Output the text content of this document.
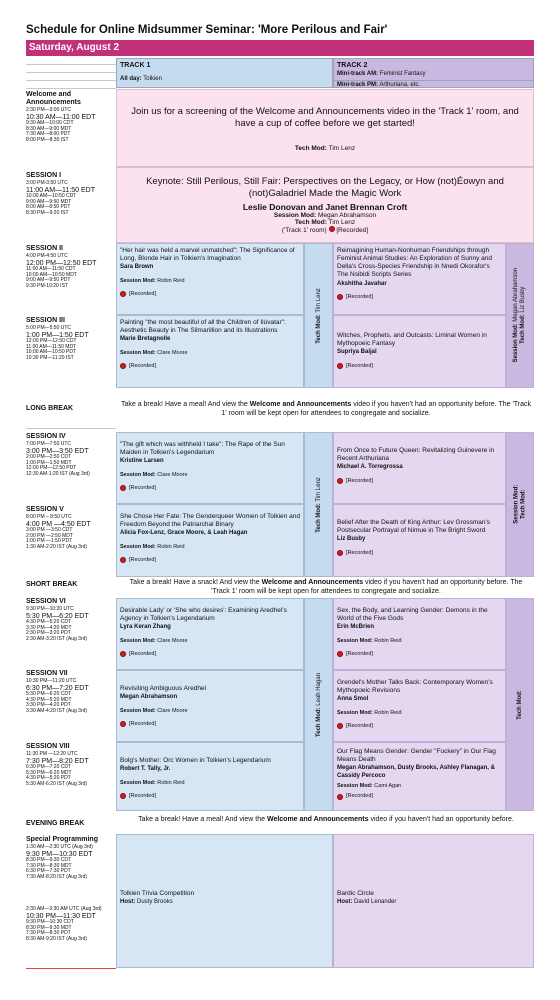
Schedule for Online Midsummer Seminar: 'More Perilous and Fair'
Saturday, August 2
TRACK 1
All day: Tolkien
TRACK 2
Mini-track AM: Feminist Fantasy
Mini-track PM: Arthuriana, etc.
Welcome and Announcements
2:30 PM—3:00 UTC
10:30 AM—11:00 EDT
9:30 AM—10:00 CDT
8:30 AM—9:00 MDT
7:30 AM—8:00 PDT
8:00 PM—8:30 IST
SESSION I
3:00 PM-3:50 UTC
11:00 AM—11:50 EDT
10:00 AM—10:50 CDT
9:00 AM—9:50 MDT
8:00 AM—8:50 PDT
8:30 PM—9:20 IST
SESSION II
4:00 PM-4:50 UTC
12:00 PM—12:50 EDT
11:00 AM—11:50 CDT
10:00 AM—10:50 MDT
9:00 AM—9:50 PDT
9:30 PM-10:20 IST
SESSION III
5:00 PM—5:50 UTC
1:00 PM—1:50 EDT
12:00 PM—12:50 CDT
11:00 AM—11:50 MDT
10:00 AM—10:50 PDT
10:30 PM—11:20 IST
LONG BREAK
SESSION IV
7:00 PM—7:50 UTC
3:00 PM—3:50 EDT
2:00 PM—2:50 CDT
1:00 PM—1:50 MDT
12:00 PM—12:50 PDT
12:30 AM-1:20 IST (Aug 3rd)
SESSION V
8:00 PM – 8:50 UTC
4:00 PM —4:50 EDT
3:00 PM —3:50 CDT
2:00 PM —2:50 MDT
1:00 PM —1:50 PDT
1:30 AM-2:20 IST (Aug 3rd)
SHORT BREAK
SESSION VI
9:30 PM—10:20 UTC
5:30 PM—6:20 EDT
4:30 PM—5:20 CDT
3:30 PM—4:20 MDT
2:30 PM—3:20 PDT
2:30 AM-3:20 IST (Aug 3rd)
SESSION VII
10:30 PM—11:20 UTC
6:30 PM—7:20 EDT
5:30 PM—6:20 CDT
4:30 PM—5:20 MDT
3:30 PM—4:20 PDT
3:30 AM-4:20 IST (Aug 3rd)
SESSION VIII
11:30 PM —12:20 UTC
7:30 PM—8:20 EDT
6:30 PM—7:20 CDT
5:30 PM—6:20 MDT
4:30 PM—5:20 PDT
5:30 AM-6:20 IST (Aug 3rd)
EVENING BREAK
Special Programming
1:30 AM—2:30 UTC (Aug 3rd)
9:30 PM—10:30 EDT
8:30 PM—9:30 CDT
7:30 PM—8:30 MDT
6:30 PM—7:30 PDT
7:30 AM-8:20 IST (Aug 3rd)
2:30 AM—3:30 AM UTC (Aug 3rd)
10:30 PM—11:30 EDT
9:30 PM—10:30 CDT
8:30 PM—9:30 MDT
7:30 PM—8:30 PDT
8:30 AM-9:20 IST (Aug 3rd)
Join us for a screening of the Welcome and Announcements video in the 'Track 1' room, and have a cup of coffee before we get started!
Tech Mod: Tim Lenz
Keynote: Still Perilous, Still Fair: Perspectives on the Legacy, or How (not)Éowyn and (not)Galadriel Made the Magic Work
Leslie Donovan and Janet Brennan Croft
Session Mod: Megan Abrahamson
Tech Mod: Tim Lenz
('Track 1' room) [Recorded]
"Her hair was held a marvel unmatched": The Significance of Long, Blonde Hair in Tolkien's Imagination
Sara Brown
Session Mod: Robin Reid
[Recorded]
Painting "the most beautiful of all the Children of Ilúvatar": Aesthetic Beauty in The Silmarillion and its Illustrations
Marie Bretagnolle
Session Mod: Clare Moore
[Recorded]
Tech Mod: Tim Lenz
Reimagining Human-Nonhuman Friendships through Feminist Animal Studies: An Exploration of Sunny and Della's Cross-Species Friendship in Nnedi Okorafor's The Nsibidi Scripts Series
Akshitha Javahar
[Recorded]
Witches, Prophets, and Outcasts: Liminal Women in Mythopoeic Fantasy
Supriya Baijal
[Recorded]
Session Mod: Megan Abrahamson
Tech Mod: Liz Busby
Take a break! Have a meal! And view the Welcome and Announcements video if you haven't had an opportunity before. The 'Track 1' room will be kept open for attendees to congregate and socialize.
"The gift which was withheld I take": The Rape of the Sun Maiden in Tolkien's Legendarium
Kristine Larsen
Session Mod: Clare Moore
[Recorded]
She Chose Her Fate: The Genderqueer Women of Tolkien and Freedom Beyond the Patriarchal Binary
Alicia Fox-Lenz, Grace Moore, & Leah Hagan
Session Mod: Robin Reid
[Recorded]
Tech Mod: Tim Lenz
From Once to Future Queen: Revitalizing Guinevere in Recent Arthuriana
Michael A. Torregrossa
[Recorded]
Belief After the Death of King Arthur: Lev Grossman's Postsecular Portrayal of Nimue in The Bright Sword
Liz Busby
[Recorded]
Session Mod:
Tech Mod:
Take a break! Have a snack! And view the Welcome and Announcements video if you haven't had an opportunity before. The 'Track 1' room will be kept open for attendees to congregate and socialize.
Desirable Lady' or 'She who desires': Examining Aredhel's Agency in Tolkien's Legendarium
Lyra Keran Zhang
Session Mod: Clare Moore
[Recorded]
Revisiting Ambiguous Aredhel
Megan Abrahamson
Session Mod: Clare Moore
[Recorded]
Bolg's Mother: Orc Women in Tolkien's Legendarium
Robert T. Tally, Jr.
Session Mod: Robin Reid
[Recorded]
Tech Mod: Leah Hagan
Sex, the Body, and Learning Gender: Demons in the World of the Five Gods
Erin McBrien
Session Mod: Robin Reid
[Recorded]
Grendel's Mother Talks Back: Contemporary Women's Mythopoeic Revisions
Anna Smol
Session Mod: Robin Reid
[Recorded]
Our Flag Means Gender: Gender "Fuckery" in Our Flag Means Death
Megan Abrahamson, Dusty Brooks, Ashley Flanagan, & Cassidy Percoco
Session Mod: Cami Agan
[Recorded]
Tech Mod:
Take a break! Have a meal! And view the Welcome and Announcements video if you haven't had an opportunity before.
Tolkien Trivia Competition
Host: Dusty Brooks
Bardic Circle
Host: David Lenander
